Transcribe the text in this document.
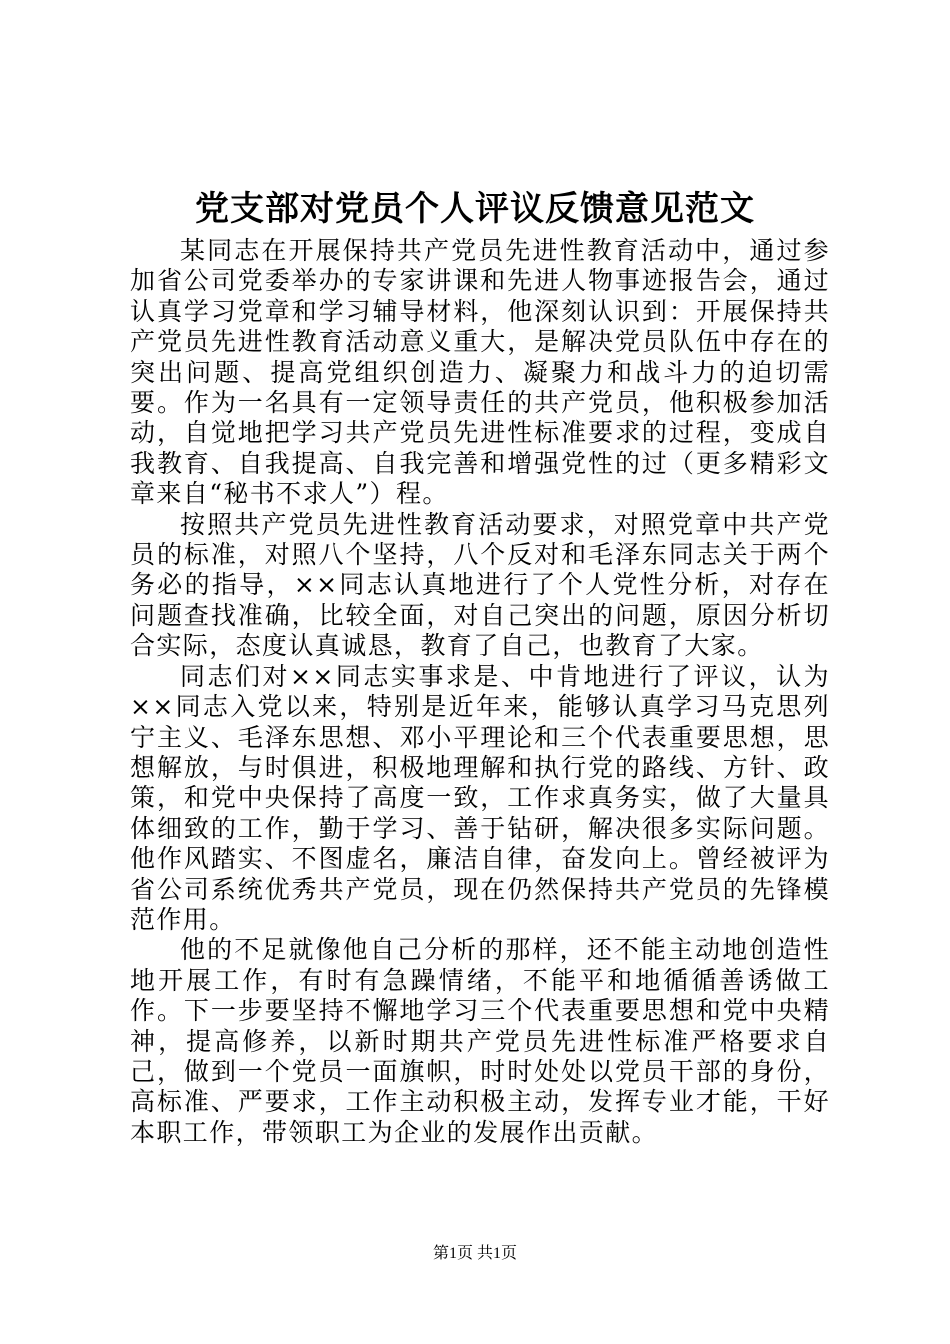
党支部对党员个人评议反馈意见范文

某同志在开展保持共产党员先进性教育活动中，通过参加省公司党委举办的专家讲课和先进人物事迹报告会，通过认真学习党章和学习辅导材料，他深刻认识到：开展保持共产党员先进性教育活动意义重大，是解决党员队伍中存在的突出问题、提高党组织创造力、凝聚力和战斗力的迫切需要。作为一名具有一定领导责任的共产党员，他积极参加活动，自觉地把学习共产党员先进性标准要求的过程，变成自我教育、自我提高、自我完善和增强党性的过（更多精彩文章来自“秘书不求人”）程。

按照共产党员先进性教育活动要求，对照党章中共产党员的标准，对照八个坚持，八个反对和毛泽东同志关于两个务必的指导，××同志认真地进行了个人党性分析，对存在问题查找准确，比较全面，对自己突出的问题，原因分析切合实际，态度认真诚恳，教育了自己，也教育了大家。

同志们对××同志实事求是、中肯地进行了评议，认为××同志入党以来，特别是近年来，能够认真学习马克思列宁主义、毛泽东思想、邓小平理论和三个代表重要思想，思想解放，与时俱进，积极地理解和执行党的路线、方针、政策，和党中央保持了高度一致，工作求真务实，做了大量具体细致的工作，勤于学习、善于钻研，解决很多实际问题。他作风踏实、不图虚名，廉洁自律，奋发向上。曾经被评为省公司系统优秀共产党员，现在仍然保持共产党员的先锋模范作用。

他的不足就像他自己分析的那样，还不能主动地创造性地开展工作，有时有急躁情绪，不能平和地循循善诱做工作。下一步要坚持不懈地学习三个代表重要思想和党中央精神，提高修养，以新时期共产党员先进性标准严格要求自己，做到一个党员一面旗帜，时时处处以党员干部的身份，高标准、严要求，工作主动积极主动，发挥专业才能，干好本职工作，带领职工为企业的发展作出贡献。

第1页 共1页
